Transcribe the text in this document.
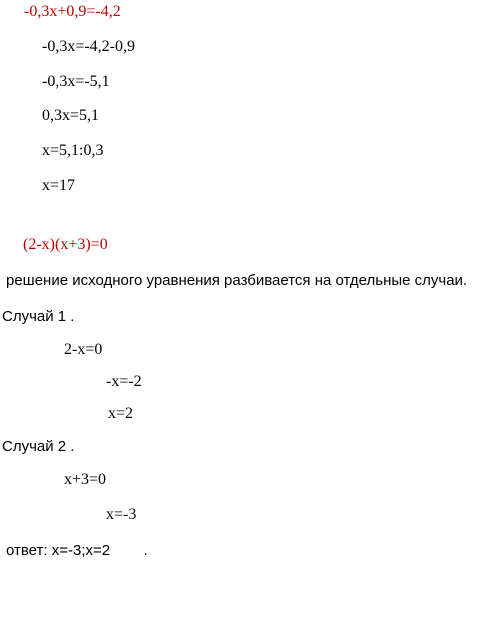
-0,3x+0,9=-4,2
-0,3x=-4,2-0,9
-0,3x=-5,1
0,3x=5,1
x=5,1:0,3
x=17
(2-x)(x+3)=0
решение исходного уравнения разбивается на отдельные случаи.
Случай 1 .
2-x=0
-x=-2
x=2
Случай 2 .
x+3=0
x=-3
ответ: x=-3;x=2        .
